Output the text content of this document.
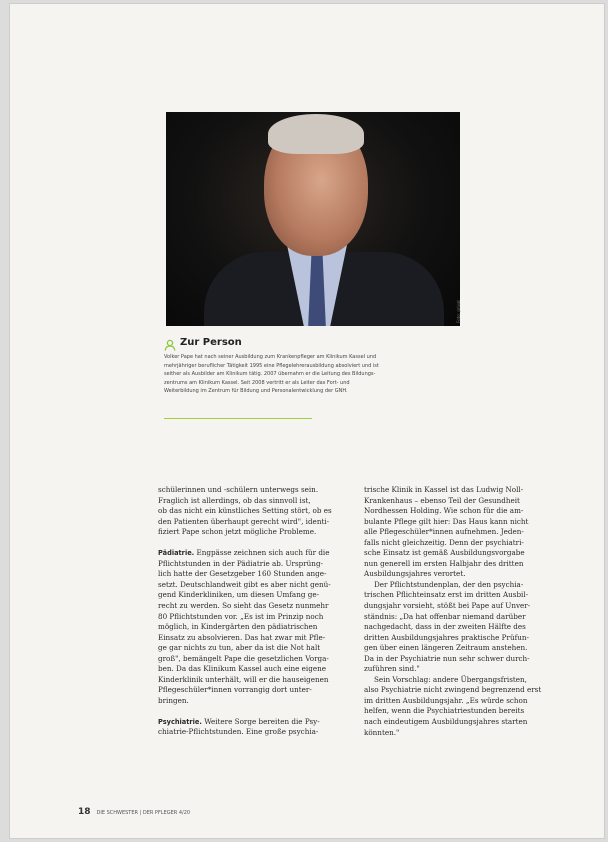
Foto: privat
Zur Person
Volker Pape hat nach seiner Ausbildung zum Krankenpfleger am Klinikum Kassel und
mehrjähriger beruflicher Tätigkeit 1995 eine Pflegelehrerausbildung absolviert und ist
seither als Ausbilder am Klinikum tätig. 2007 übernahm er die Leitung des Bildungs-
zentrums am Klinikum Kassel. Seit 2008 vertritt er als Leiter das Fort- und
Weiterbildung im Zentrum für Bildung und Personalentwicklung der GNH.

schülerinnen und -schülern unterwegs sein.
Fraglich ist allerdings, ob das sinnvoll ist,
ob das nicht ein künstliches Setting stört, ob es
den Patienten überhaupt gerecht wird", identi-
fiziert Pape schon jetzt mögliche Probleme.

Pädiatrie. Engpässe zeichnen sich auch für die
Pflichtstunden in der Pädiatrie ab. Ursprüng-
lich hatte der Gesetzgeber 160 Stunden ange-
setzt. Deutschlandweit gibt es aber nicht genü-
gend Kinderkliniken, um diesen Umfang ge-
recht zu werden. So sieht das Gesetz nunmehr
80 Pflichtstunden vor. „Es ist im Prinzip noch
möglich, in Kindergärten den pädiatrischen
Einsatz zu absolvieren. Das hat zwar mit Pfle-
ge gar nichts zu tun, aber da ist die Not halt
groß", bemängelt Pape die gesetzlichen Vorga-
ben. Da das Klinikum Kassel auch eine eigene
Kinderklinik unterhält, will er die hauseigenen
Pflegeschüler*innen vorrangig dort unter-
bringen.

Psychiatrie. Weitere Sorge bereiten die Psy-
chiatrie-Pflichtstunden. Eine große psychia-

trische Klinik in Kassel ist das Ludwig Noll-
Krankenhaus – ebenso Teil der Gesundheit
Nordhessen Holding. Wie schon für die am-
bulante Pflege gilt hier: Das Haus kann nicht
alle Pflegeschüler*innen aufnehmen. Jeden-
falls nicht gleichzeitig. Denn der psychiatri-
sche Einsatz ist gemäß Ausbildungsvorgabe
nun generell im ersten Halbjahr des dritten
Ausbildungsjahres verortet.

Der Pflichtstundenplan, der den psychia-
trischen Pflichteinsatz erst im dritten Ausbil-
dungsjahr vorsieht, stößt bei Pape auf Unver-
ständnis: „Da hat offenbar niemand darüber
nachgedacht, dass in der zweiten Hälfte des
dritten Ausbildungsjahres praktische Prüfun-
gen über einen längeren Zeitraum anstehen.
Da in der Psychiatrie nun sehr schwer durch-
zuführen sind."

Sein Vorschlag: andere Übergangsfristen,
also Psychiatrie nicht zwingend begrenzend erst
im dritten Ausbildungsjahr. „Es würde schon
helfen, wenn die Psychiatriestunden bereits
nach eindeutigem Ausbildungsjahres starten
könnten."

18 DIE SCHWESTER | DER PFLEGER 4/20
